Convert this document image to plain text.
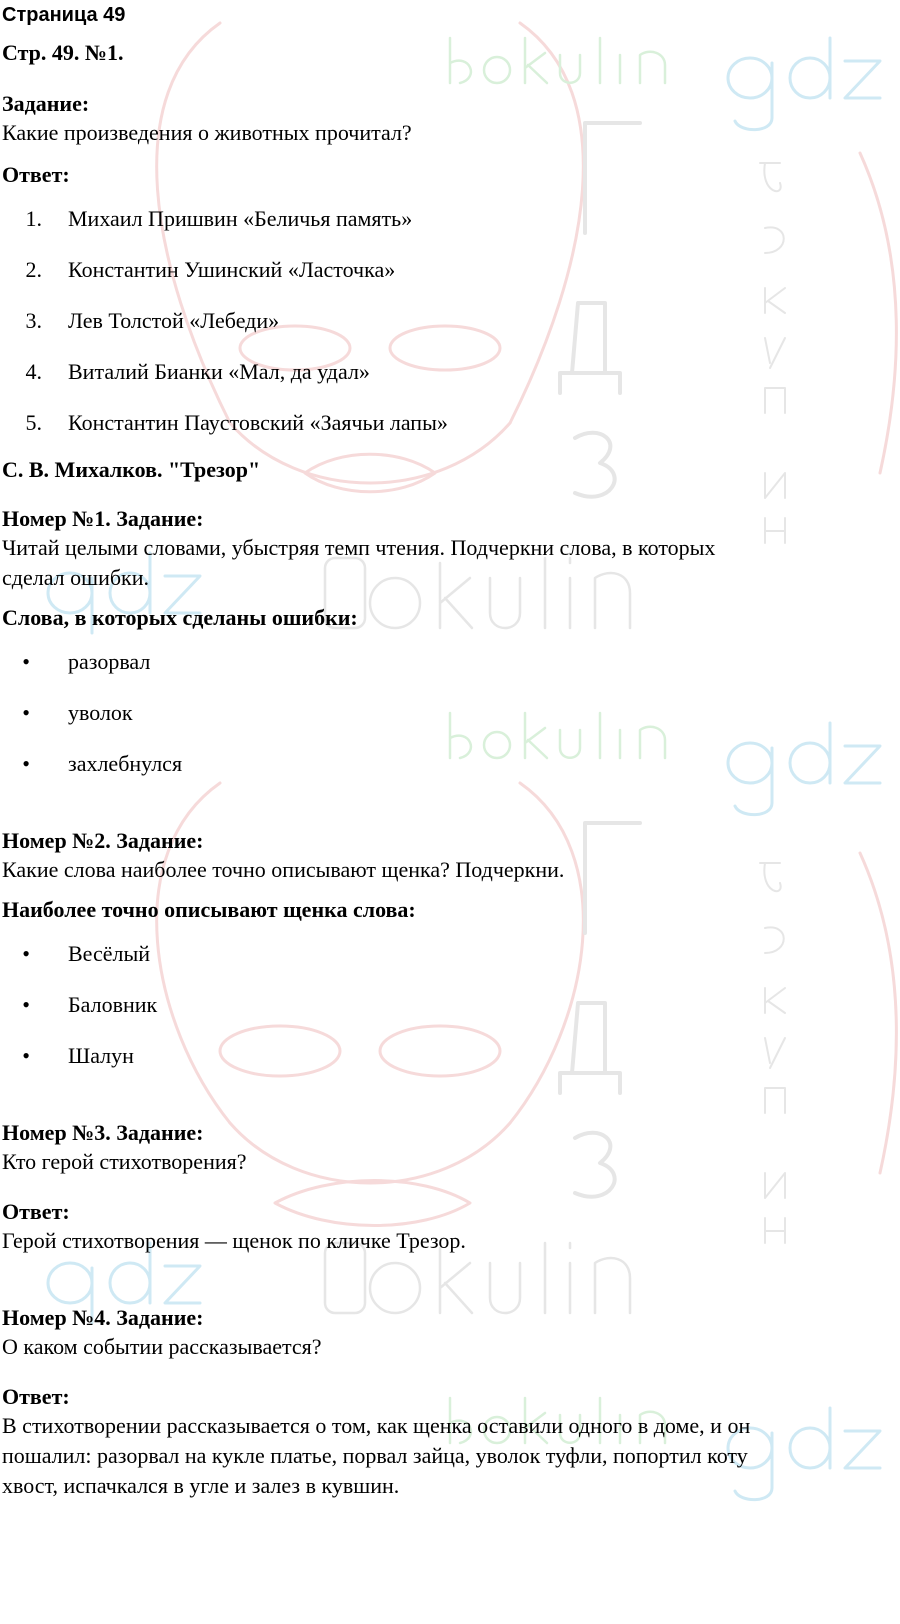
Страница 49

Стр. 49. №1.

Задание:

Какие произведения о животных прочитал?

Ответ:

1. Михаил Пришвин «Беличья память»
2. Константин Ушинский «Ласточка»
3. Лев Толстой «Лебеди»
4. Виталий Бианки «Мал, да удал»
5. Константин Паустовский «Заячьи лапы»

С. В. Михалков. "Трезор"

Номер №1. Задание:

Читай целыми словами, убыстряя темп чтения. Подчеркни слова, в которых

сделал ошибки.

Слова, в которых сделаны ошибки:

• разорвал
• уволок
• захлебнулся

Номер №2. Задание:

Какие слова наиболее точно описывают щенка? Подчеркни.

Наиболее точно описывают щенка слова:

• Весёлый
• Баловник
• Шалун

Номер №3. Задание:

Кто герой стихотворения?

Ответ:

Герой стихотворения — щенок по кличке Трезор.

Номер №4. Задание:

О каком событии рассказывается?

Ответ:

В стихотворении рассказывается о том, как щенка оставили одного в доме, и он

пошалил: разорвал на кукле платье, порвал зайца, уволок туфли, попортил коту

хвост, испачкался в угле и залез в кувшин.
